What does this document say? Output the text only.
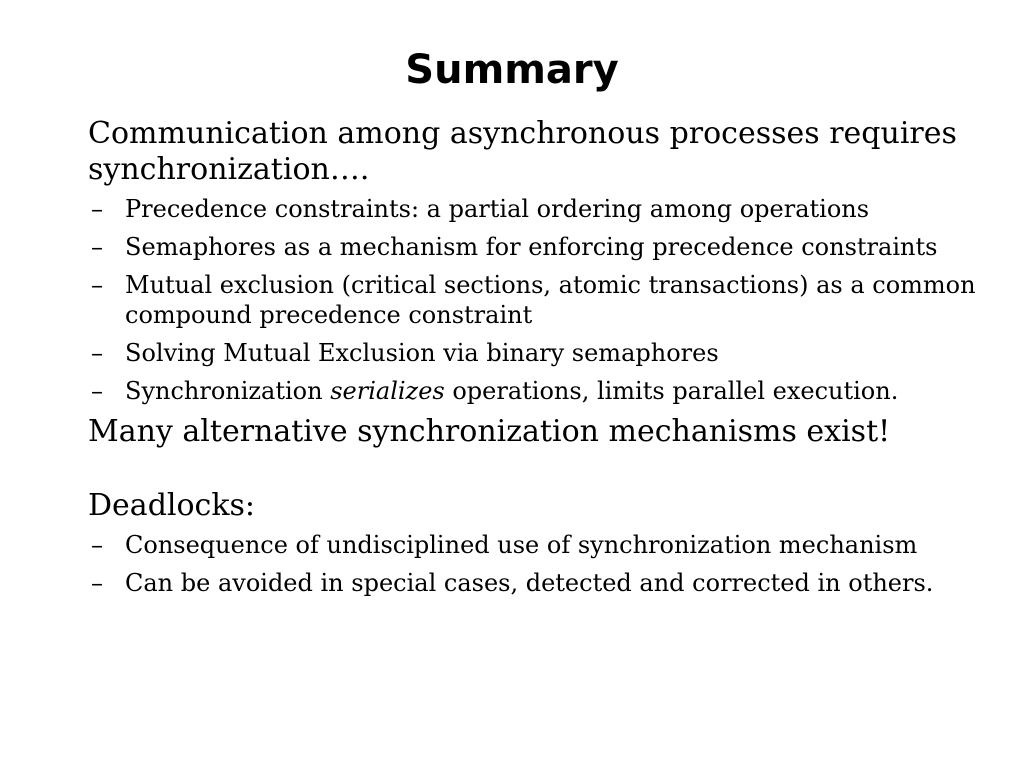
Summary

Communication among asynchronous processes requires synchronization….

– Precedence constraints: a partial ordering among operations
– Semaphores as a mechanism for enforcing precedence constraints
– Mutual exclusion (critical sections, atomic transactions) as a common compound precedence constraint
– Solving Mutual Exclusion via binary semaphores
– Synchronization serializes operations, limits parallel execution.

Many alternative synchronization mechanisms exist!

Deadlocks:

– Consequence of undisciplined use of synchronization mechanism
– Can be avoided in special cases, detected and corrected in others.
